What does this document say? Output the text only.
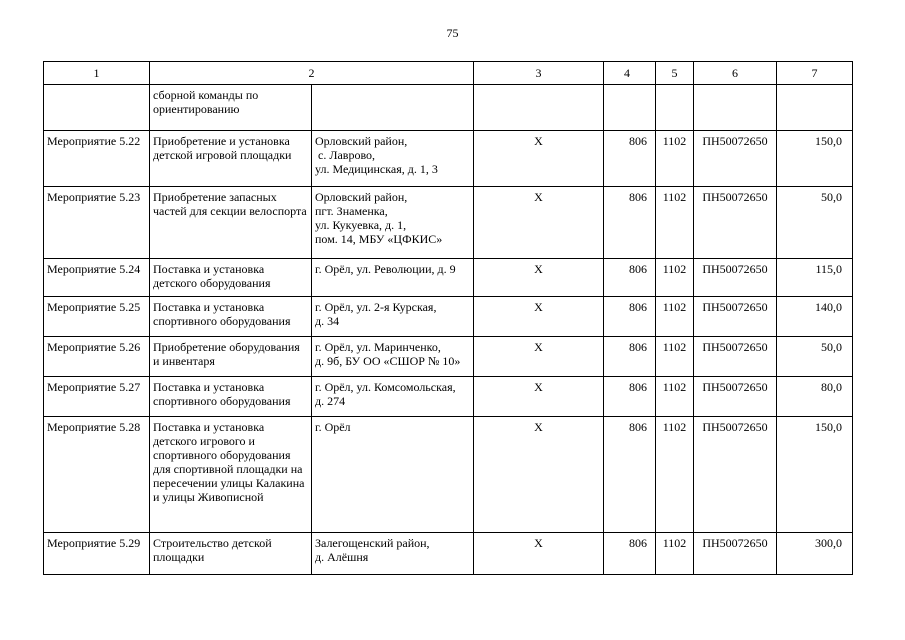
75
1	2		3	4	5	6	7
	сборной команды по ориентированию						
Мероприятие 5.22	Приобретение и установка детской игровой площадки	Орловский район,
с. Лаврово,
ул. Медицинская, д. 1, 3	Х	806	1102	ПН50072650	150,0
Мероприятие 5.23	Приобретение запасных частей для секции велоспорта	Орловский район,
пгт. Знаменка,
ул. Кукуевка, д. 1,
пом. 14, МБУ «ЦФКИС»	Х	806	1102	ПН50072650	50,0
Мероприятие 5.24	Поставка и установка детского оборудования	г. Орёл, ул. Революции, д. 9	Х	806	1102	ПН50072650	115,0
Мероприятие 5.25	Поставка и установка спортивного оборудования	г. Орёл, ул. 2-я Курская,
д. 34	Х	806	1102	ПН50072650	140,0
Мероприятие 5.26	Приобретение оборудования и инвентаря	г. Орёл, ул. Маринченко,
д. 9б, БУ ОО «СШОР № 10»	Х	806	1102	ПН50072650	50,0
Мероприятие 5.27	Поставка и установка спортивного оборудования	г. Орёл, ул. Комсомольская,
д. 274	Х	806	1102	ПН50072650	80,0
Мероприятие 5.28	Поставка и установка детского игрового и спортивного оборудования для спортивной площадки на пересечении улицы Калакина и улицы Живописной	г. Орёл	Х	806	1102	ПН50072650	150,0
Мероприятие 5.29	Строительство детской площадки	Залегощенский район,
д. Алёшня	Х	806	1102	ПН50072650	300,0
